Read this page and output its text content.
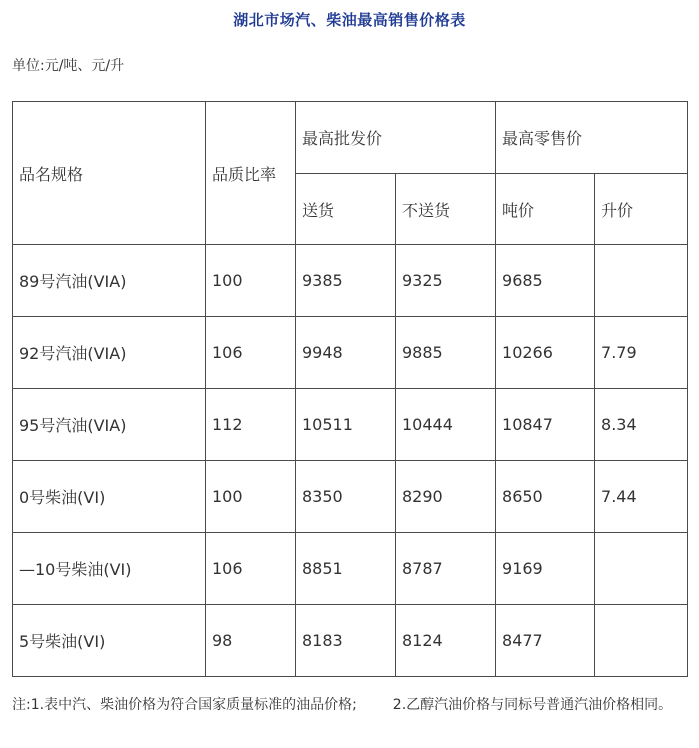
湖北市场汽、柴油最高销售价格表
单位:元/吨、元/升
品名规格	品质比率	最高批发价		最高零售价	
		送货	不送货	吨价	升价
89号汽油(VIA)	100	9385	9325	9685	
92号汽油(VIA)	106	9948	9885	10266	7.79
95号汽油(VIA)	112	10511	10444	10847	8.34
0号柴油(VI)	100	8350	8290	8650	7.44
—10号柴油(VI)	106	8851	8787	9169	
5号柴油(VI)	98	8183	8124	8477	
注:1.表中汽、柴油价格为符合国家质量标准的油品价格;	2.乙醇汽油价格与同标号普通汽油价格相同。
